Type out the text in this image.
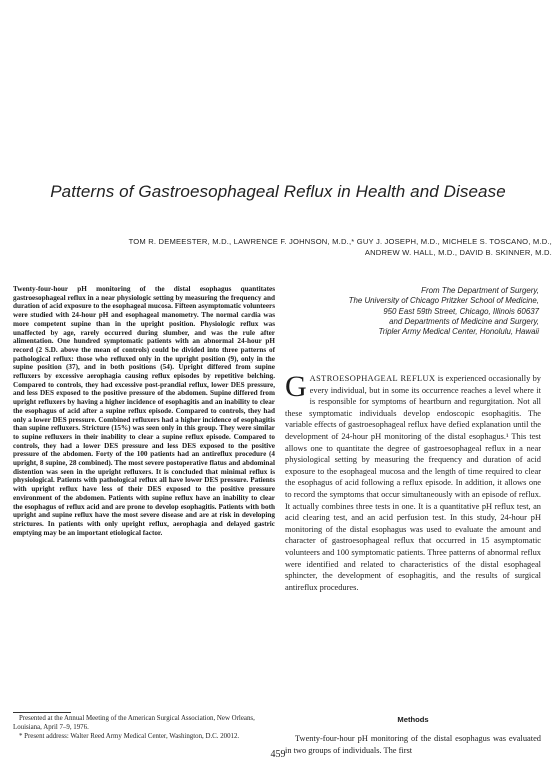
Patterns of Gastroesophageal Reflux in Health and Disease
TOM R. DEMEESTER, M.D., LAWRENCE F. JOHNSON, M.D.,* GUY J. JOSEPH, M.D., MICHELE S. TOSCANO, M.D.,
ANDREW W. HALL, M.D., DAVID B. SKINNER, M.D.
Twenty-four-hour pH monitoring of the distal esophagus quantitates gastroesophageal reflux in a near physiologic setting by measuring the frequency and duration of acid exposure to the esophageal mucosa. Fifteen asymptomatic volunteers were studied with 24-hour pH and esophageal manometry. The normal cardia was more competent supine than in the upright position. Physiologic reflux was unaffected by age, rarely occurred during slumber, and was the rule after alimentation. One hundred symptomatic patients with an abnormal 24-hour pH record (2 S.D. above the mean of controls) could be divided into three patterns of pathological reflux: those who refluxed only in the upright position (9), only in the supine position (37), and in both positions (54). Upright differed from supine refluxers by excessive aerophagia causing reflux episodes by repetitive belching. Compared to controls, they had excessive post-prandial reflux, lower DES pressure, and less DES exposed to the positive pressure of the abdomen. Supine differed from upright refluxers by having a higher incidence of esophagitis and an inability to clear the esophagus of acid after a supine reflux episode. Compared to controls, they had only a lower DES pressure. Combined refluxers had a higher incidence of esophagitis than supine refluxers. Stricture (15%) was seen only in this group. They were similar to supine refluxers in their inability to clear a supine reflux episode. Compared to controls, they had a lower DES pressure and less DES exposed to the positive pressure of the abdomen. Forty of the 100 patients had an antireflux procedure (4 upright, 8 supine, 28 combined). The most severe postoperative flatus and abdominal distention was seen in the upright refluxers. It is concluded that minimal reflux is physiological. Patients with pathological reflux all have lower DES pressure. Patients with upright reflux have less of their DES exposed to the positive pressure environment of the abdomen. Patients with supine reflux have an inability to clear the esophagus of reflux acid and are prone to develop esophagitis. Patients with both upright and supine reflux have the most severe disease and are at risk in developing strictures. In patients with only upright reflux, aerophagia and delayed gastric emptying may be an important etiological factor.
From The Department of Surgery,
The University of Chicago Pritzker School of Medicine,
950 East 59th Street, Chicago, Illinois 60637
and Departments of Medicine and Surgery,
Tripler Army Medical Center, Honolulu, Hawaii
GASTROESOPHAGEAL REFLUX is experienced occasionally by every individual, but in some its occurrence reaches a level where it is responsible for symptoms of heartburn and regurgitation. Not all these symptomatic individuals develop endoscopic esophagitis. The variable effects of gastroesophageal reflux have defied explanation until the development of 24-hour pH monitoring of the distal esophagus.¹ This test allows one to quantitate the degree of gastroesophageal reflux in a near physiological setting by measuring the frequency and duration of acid exposure to the esophageal mucosa and the length of time required to clear the esophagus of acid following a reflux episode. In addition, it allows one to record the symptoms that occur simultaneously with an episode of reflux. It actually combines three tests in one. It is a quantitative pH reflux test, an acid clearing test, and an acid perfusion test. In this study, 24-hour pH monitoring of the distal esophagus was used to evaluate the amount and character of gastroesophageal reflux that occurred in 15 asymptomatic volunteers and 100 symptomatic patients. Three patterns of abnormal reflux were identified and related to characteristics of the distal esophageal sphincter, the development of esophagitis, and the results of surgical antireflux procedures.
Methods
Twenty-four-hour pH monitoring of the distal esophagus was evaluated in two groups of individuals. The first

Presented at the Annual Meeting of the American Surgical Association, New Orleans, Louisiana, April 7–9, 1976.

* Present address: Walter Reed Army Medical Center, Washington, D.C. 20012.

459
